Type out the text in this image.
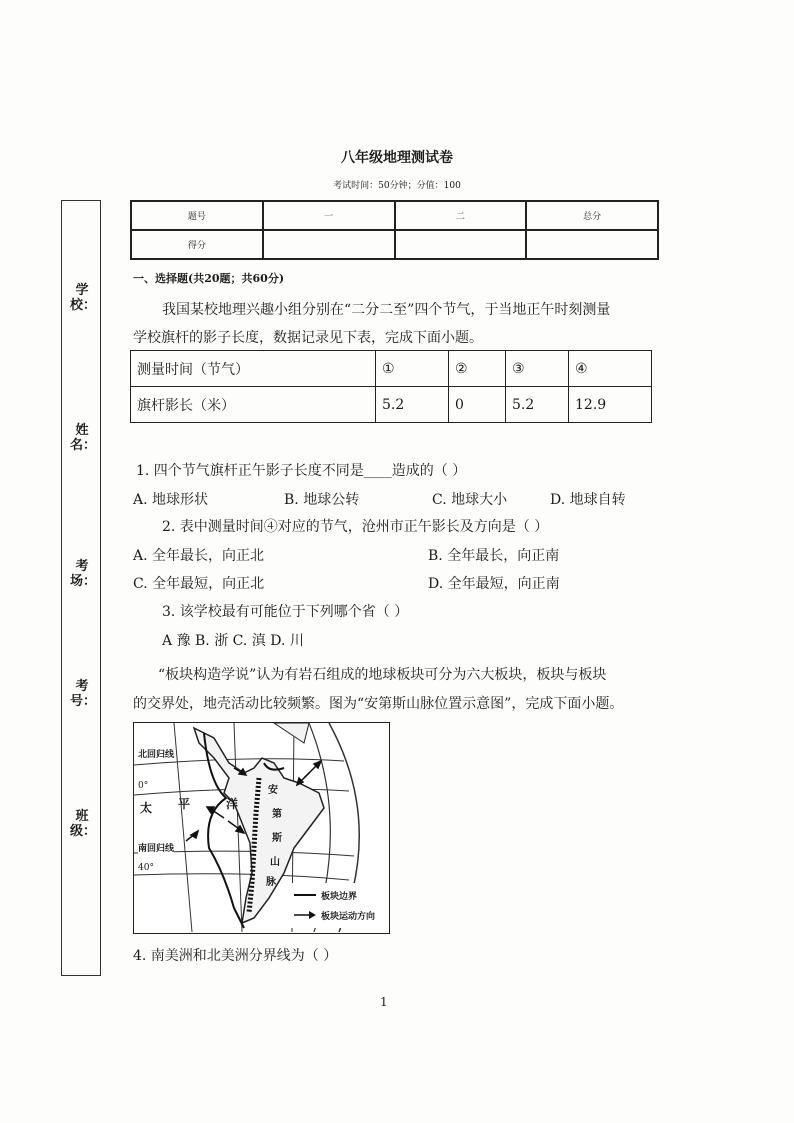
八年级地理测试卷
考试时间：50分钟；分值：100
学校：
姓名：
考场：
考号：
班级：
题号	一	二	总分
得分			
一、选择题(共20题；共60分)
我国某校地理兴趣小组分别在“二分二至”四个节气，于当地正午时刻测量
学校旗杆的影子长度，数据记录见下表，完成下面小题。
测量时间（节气）	①	②	③	④
旗杆影长（米）	5.2	0	5.2	12.9
1. 四个节气旗杆正午影子长度不同是____造成的（ ）
A. 地球形状	B. 地球公转	C. 地球大小	D. 地球自转
2. 表中测量时间④对应的节气，沧州市正午影长及方向是（ ）
A. 全年最长，向正北	B. 全年最长，向正南
C. 全年最短，向正北	D. 全年最短，向正南
3. 该学校最有可能位于下列哪个省（ ）
A 豫 B. 浙 C. 滇 D. 川
“板块构造学说”认为有岩石组成的地球板块可分为六大板块，板块与板块
的交界处，地壳活动比较频繁。图为“安第斯山脉位置示意图”，完成下面小题。
北回归线
0°
太 平	洋
南回归线
40°
安
第
斯
山
脉
板块边界
板块运动方向
4. 南美洲和北美洲分界线为（ ）
1
